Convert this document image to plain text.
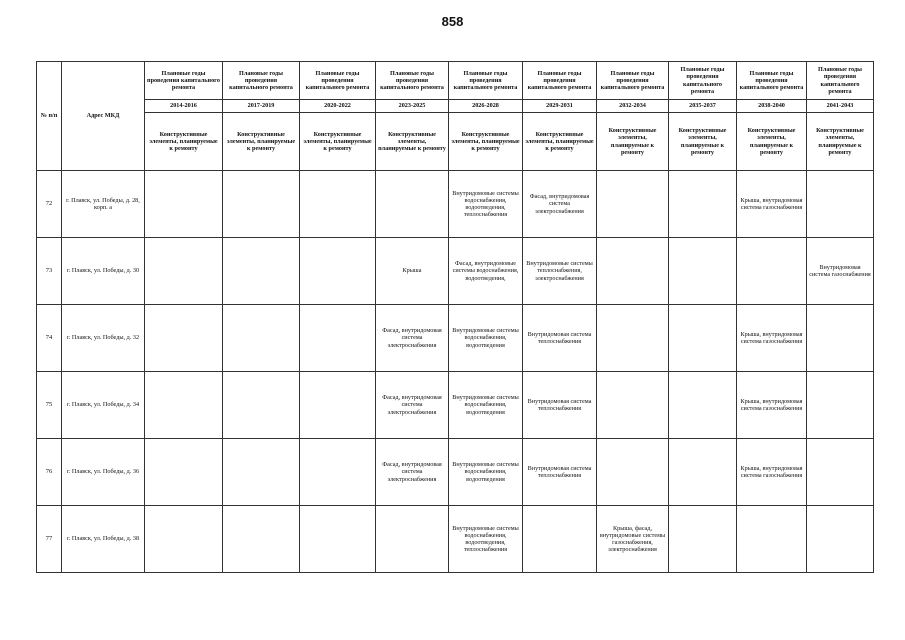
858
№ п/п	Адрес МКД	Плановые годы проведения капитального ремонта	Плановые годы проведения капитального ремонта	Плановые годы проведения капитального ремонта	Плановые годы проведения капитального ремонта	Плановые годы проведения капитального ремонта	Плановые годы проведения капитального ремонта	Плановые годы проведения капитального ремонта	Плановые годы проведения капитального ремонта	Плановые годы проведения капитального ремонта	Плановые годы проведения капитального ремонта
		2014-2016	2017-2019	2020-2022	2023-2025	2026-2028	2029-2031	2032-2034	2035-2037	2038-2040	2041-2043
		Конструктивные элементы, планируемые к ремонту	Конструктивные элементы, планируемые к ремонту	Конструктивные элементы, планируемые к ремонту	Конструктивные элементы, планируемые к ремонту	Конструктивные элементы, планируемые к ремонту	Конструктивные элементы, планируемые к ремонту	Конструктивные элементы, планируемые к ремонту	Конструктивные элементы, планируемые к ремонту	Конструктивные элементы, планируемые к ремонту	Конструктивные элементы, планируемые к ремонту
72	г. Плавск, ул. Победы, д. 28, корп. а					Внутридомовые системы водоснабжения, водоотведения, теплоснабжения	Фасад, внутридомовая система электроснабжения			Крыша, внутридомовая система газоснабжения	
73	г. Плавск, ул. Победы, д. 30				Крыша	Фасад, внутридомовые системы водоснабжения, водоотведения,	Внутридомовые системы теплоснабжения, электроснабжения				Внутридомовая система газоснабжения
74	г. Плавск, ул. Победы, д. 32				Фасад, внутридомовая система электроснабжения	Внутридомовые системы водоснабжения, водоотведения	Внутридомовая система теплоснабжения			Крыша, внутридомовая система газоснабжения	
75	г. Плавск, ул. Победы, д. 34				Фасад, внутридомовая система электроснабжения	Внутридомовые системы водоснабжения, водоотведения	Внутридомовая система теплоснабжения			Крыша, внутридомовая система газоснабжения	
76	г. Плавск, ул. Победы, д. 36				Фасад, внутридомовая система электроснабжения	Внутридомовые системы водоснабжения, водоотведения	Внутридомовая система теплоснабжения			Крыша, внутридомовая система газоснабжения	
77	г. Плавск, ул. Победы, д. 38					Внутридомовые системы водоснабжения, водоотведения, теплоснабжения		Крыша, фасад, внутридомовые системы газоснабжения, электроснабжения			
